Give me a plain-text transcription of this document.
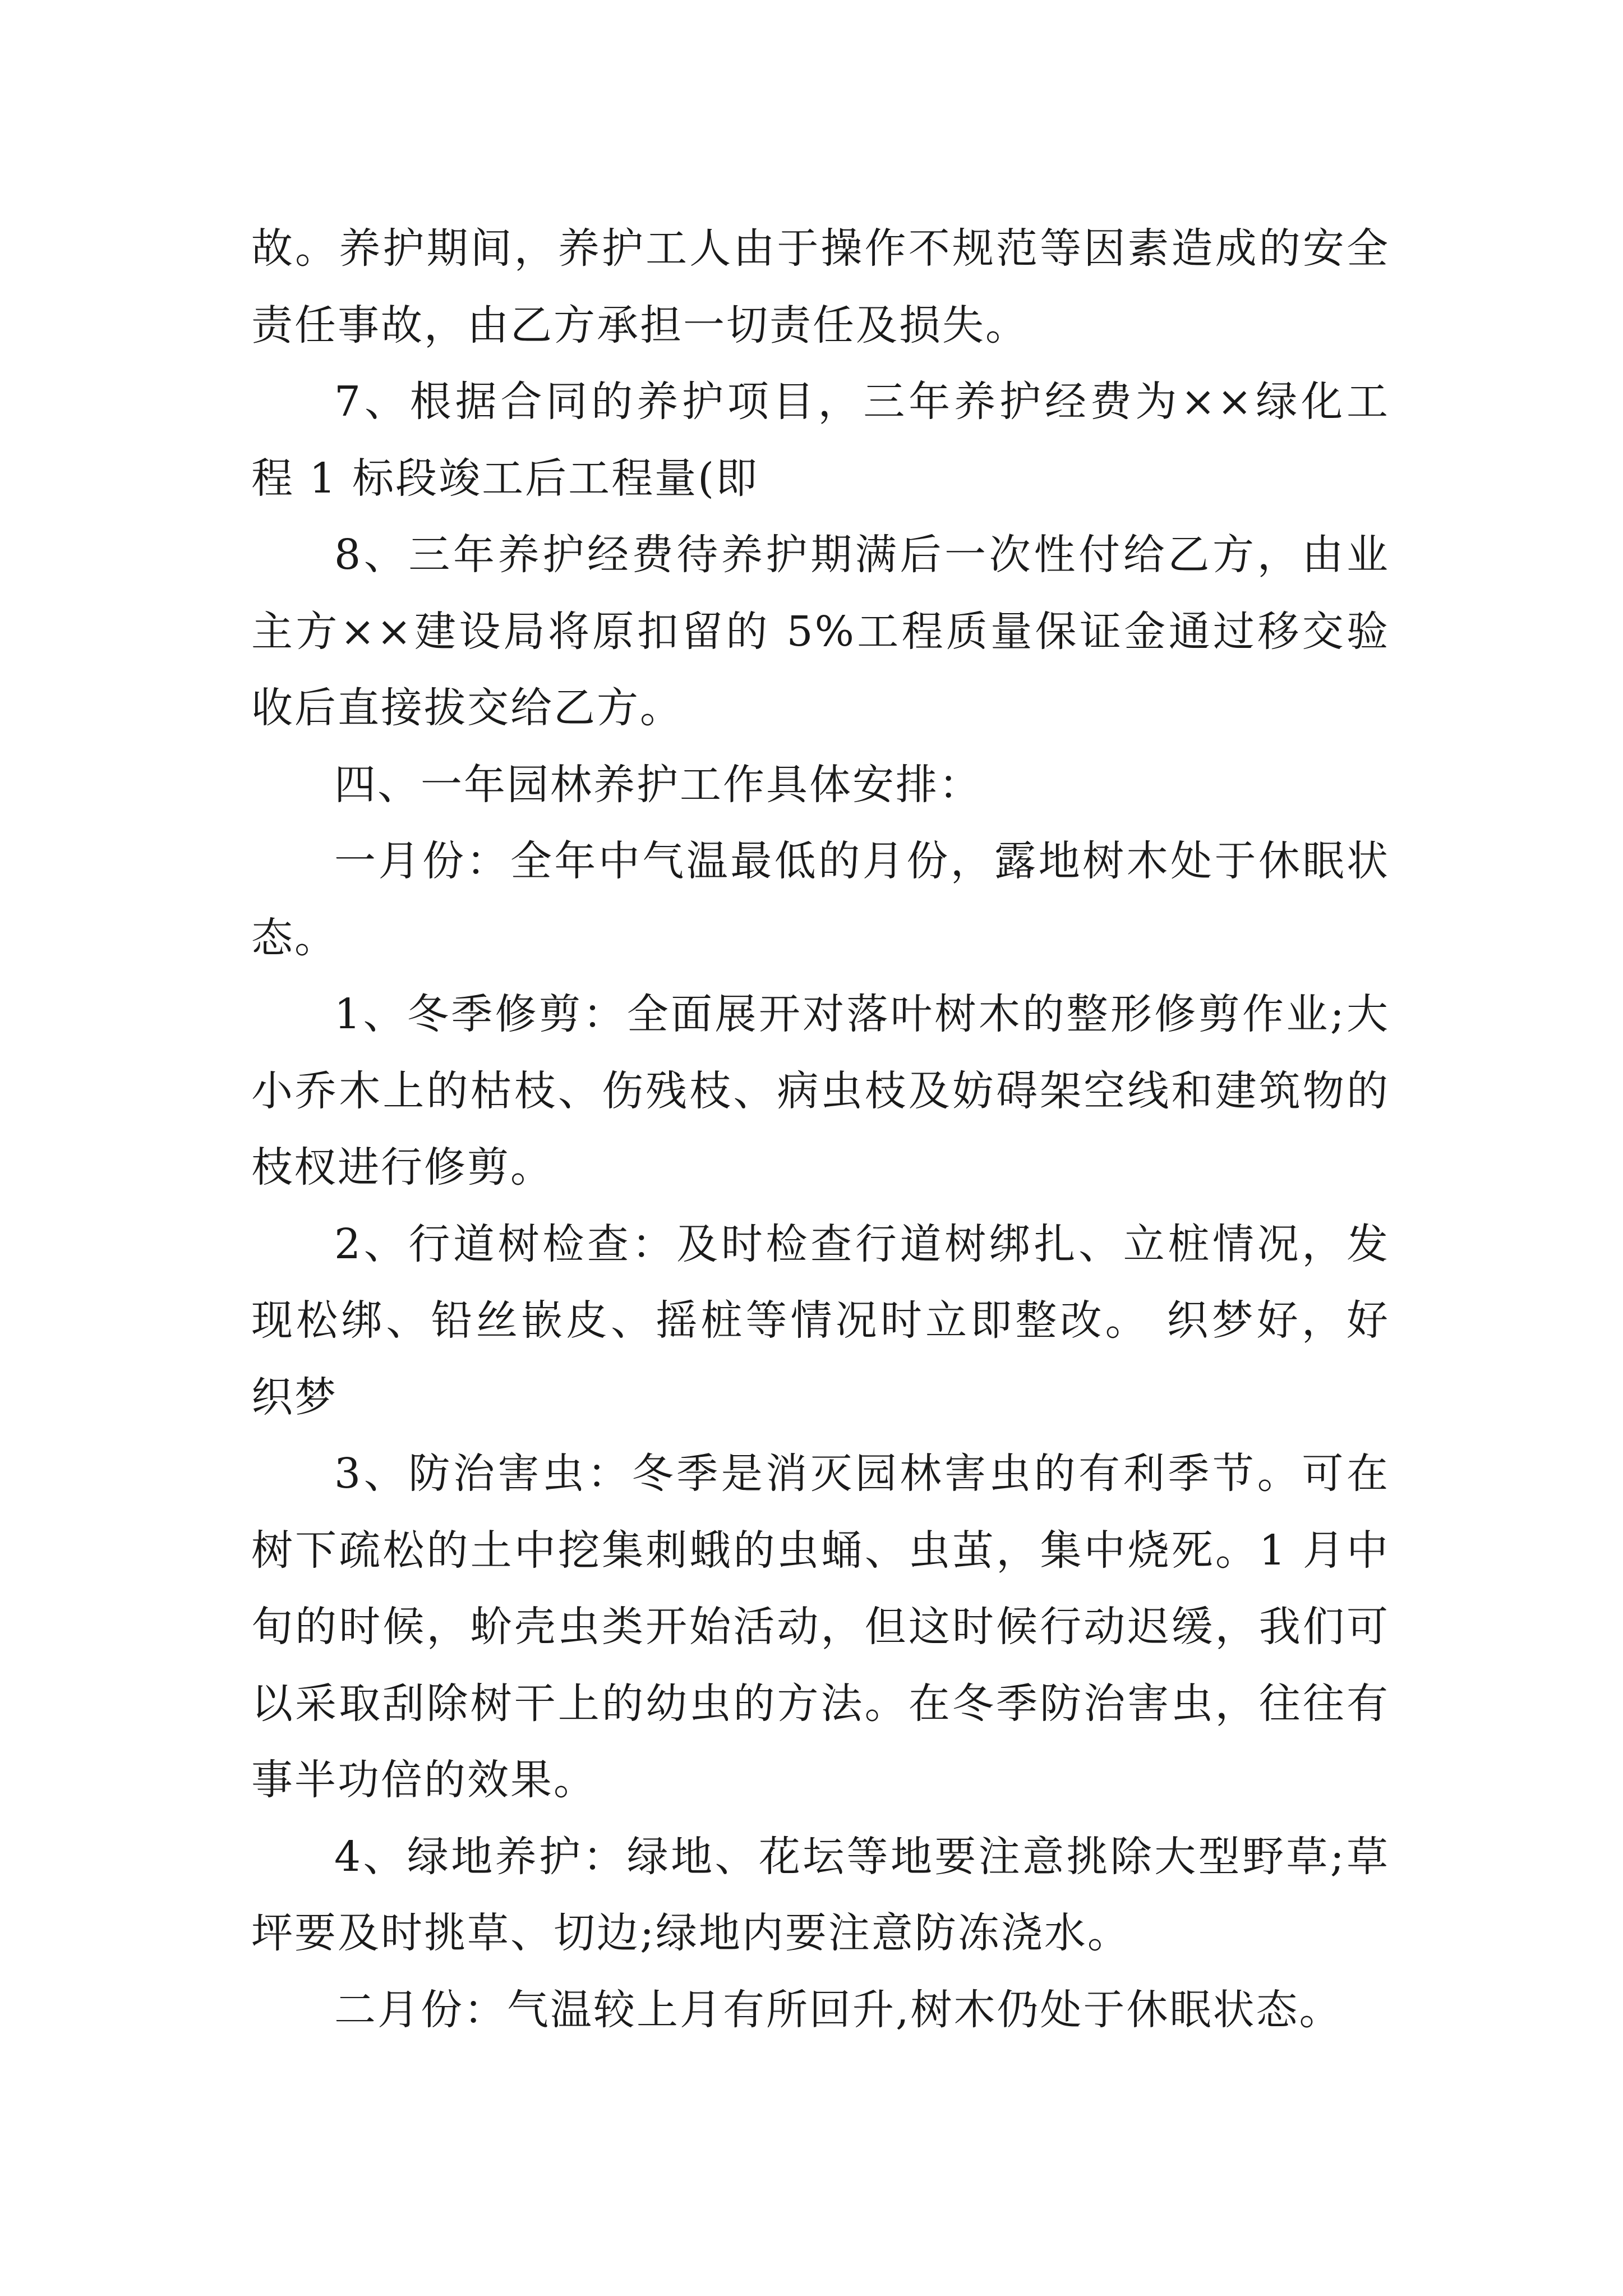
故。养护期间，养护工人由于操作不规范等因素造成的安全
责任事故，由乙方承担一切责任及损失。
7、根据合同的养护项目，三年养护经费为××绿化工
程 1 标段竣工后工程量(即
8、三年养护经费待养护期满后一次性付给乙方，由业
主方××建设局将原扣留的 5%工程质量保证金通过移交验
收后直接拔交给乙方。
四、一年园林养护工作具体安排：
一月份：全年中气温最低的月份，露地树木处于休眠状
态。
1、冬季修剪：全面展开对落叶树木的整形修剪作业;大
小乔木上的枯枝、伤残枝、病虫枝及妨碍架空线和建筑物的
枝杈进行修剪。
2、行道树检查：及时检查行道树绑扎、立桩情况，发
现松绑、铅丝嵌皮、摇桩等情况时立即整改。 织梦好，好
织梦
3、防治害虫：冬季是消灭园林害虫的有利季节。可在
树下疏松的土中挖集刺蛾的虫蛹、虫茧，集中烧死。1 月中
旬的时候，蚧壳虫类开始活动，但这时候行动迟缓，我们可
以采取刮除树干上的幼虫的方法。在冬季防治害虫，往往有
事半功倍的效果。
4、绿地养护：绿地、花坛等地要注意挑除大型野草;草
坪要及时挑草、切边;绿地内要注意防冻浇水。
二月份：气温较上月有所回升,树木仍处于休眠状态。
